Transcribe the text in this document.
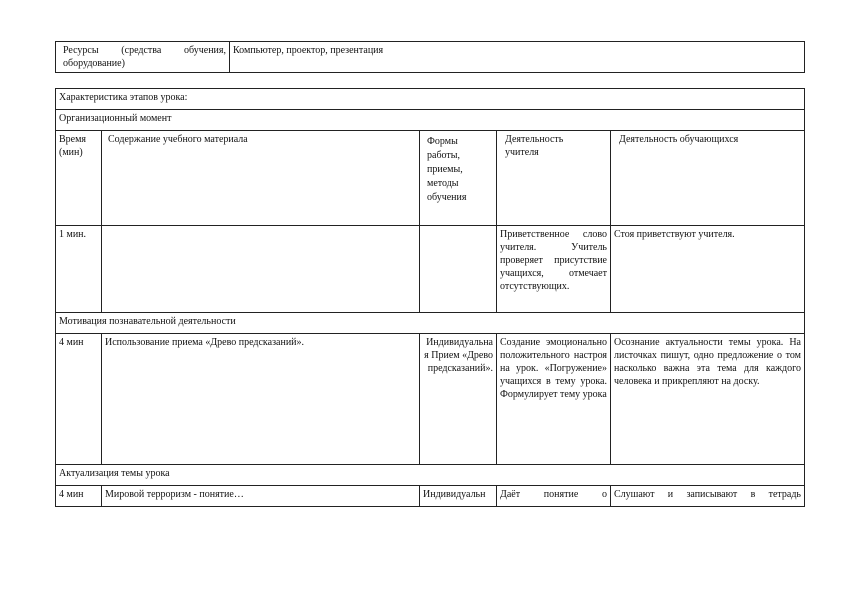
Ресурсы (средства обучения, оборудование)	Компьютер, проектор, презентация
Характеристика этапов урока:				
Организационный момент				
Время (мин)	Содержание учебного материала	Формы работы, приемы, методы обучения	Деятельность учителя	Деятельность обучающихся
1 мин.			Приветственное слово учителя. Учитель проверяет присутствие учащихся, отмечает отсутствующих.	Стоя приветствуют учителя.
Мотивация познавательной деятельности				
4 мин	Использование приема «Древо предсказаний».	Индивидуальная Прием «Древо предсказаний».	Создание эмоционально положительного настроя на урок. «Погружение» учащихся в тему урока. Формулирует тему урока	Осознание актуальности темы урока. На листочках пишут, одно предложение о том насколько важна эта тема для каждого человека и прикрепляют на доску.
Актуализация темы урока				
4 мин	Мировой терроризм - понятие…	Индивидуальн	Даёт понятие о	Слушают и записывают в тетрадь
